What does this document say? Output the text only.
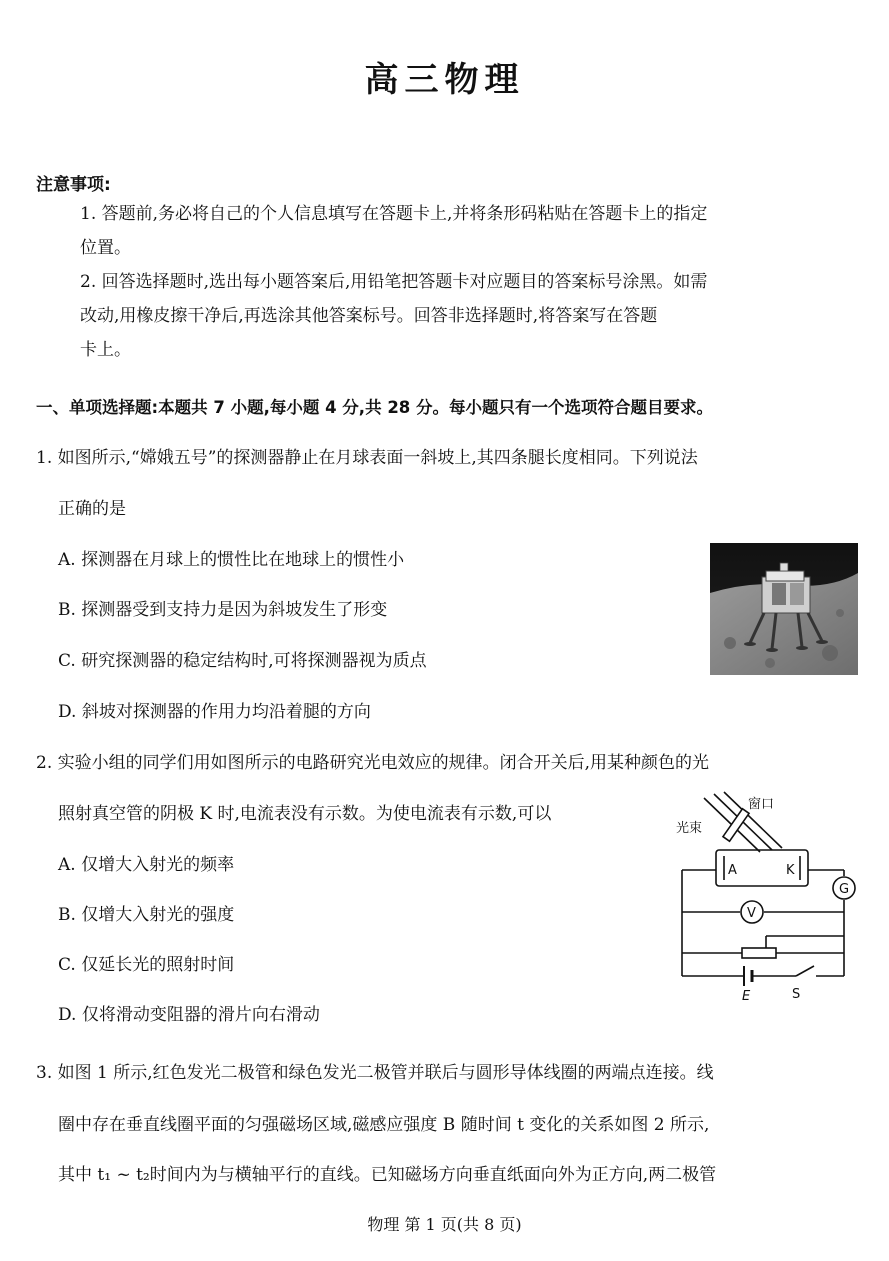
高三物理
注意事项:
1. 答题前,务必将自己的个人信息填写在答题卡上,并将条形码粘贴在答题卡上的指定
位置。
2. 回答选择题时,选出每小题答案后,用铅笔把答题卡对应题目的答案标号涂黑。如需
改动,用橡皮擦干净后,再选涂其他答案标号。回答非选择题时,将答案写在答题
卡上。
一、单项选择题:本题共 7 小题,每小题 4 分,共 28 分。每小题只有一个选项符合题目要求。
1. 如图所示,“嫦娥五号”的探测器静止在月球表面一斜坡上,其四条腿长度相同。下列说法
正确的是
A. 探测器在月球上的惯性比在地球上的惯性小
B. 探测器受到支持力是因为斜坡发生了形变
C. 研究探测器的稳定结构时,可将探测器视为质点
D. 斜坡对探测器的作用力均沿着腿的方向
2. 实验小组的同学们用如图所示的电路研究光电效应的规律。闭合开关后,用某种颜色的光
照射真空管的阴极 K 时,电流表没有示数。为使电流表有示数,可以
A. 仅增大入射光的频率
B. 仅增大入射光的强度
C. 仅延长光的照射时间
D. 仅将滑动变阻器的滑片向右滑动
窗口
光束
A	K
G
V
E	S
3. 如图 1 所示,红色发光二极管和绿色发光二极管并联后与圆形导体线圈的两端点连接。线
圈中存在垂直线圈平面的匀强磁场区域,磁感应强度 B 随时间 t 变化的关系如图 2 所示,
其中 t₁ ~ t₂时间内为与横轴平行的直线。已知磁场方向垂直纸面向外为正方向,两二极管
物理 第 1 页(共 8 页)
